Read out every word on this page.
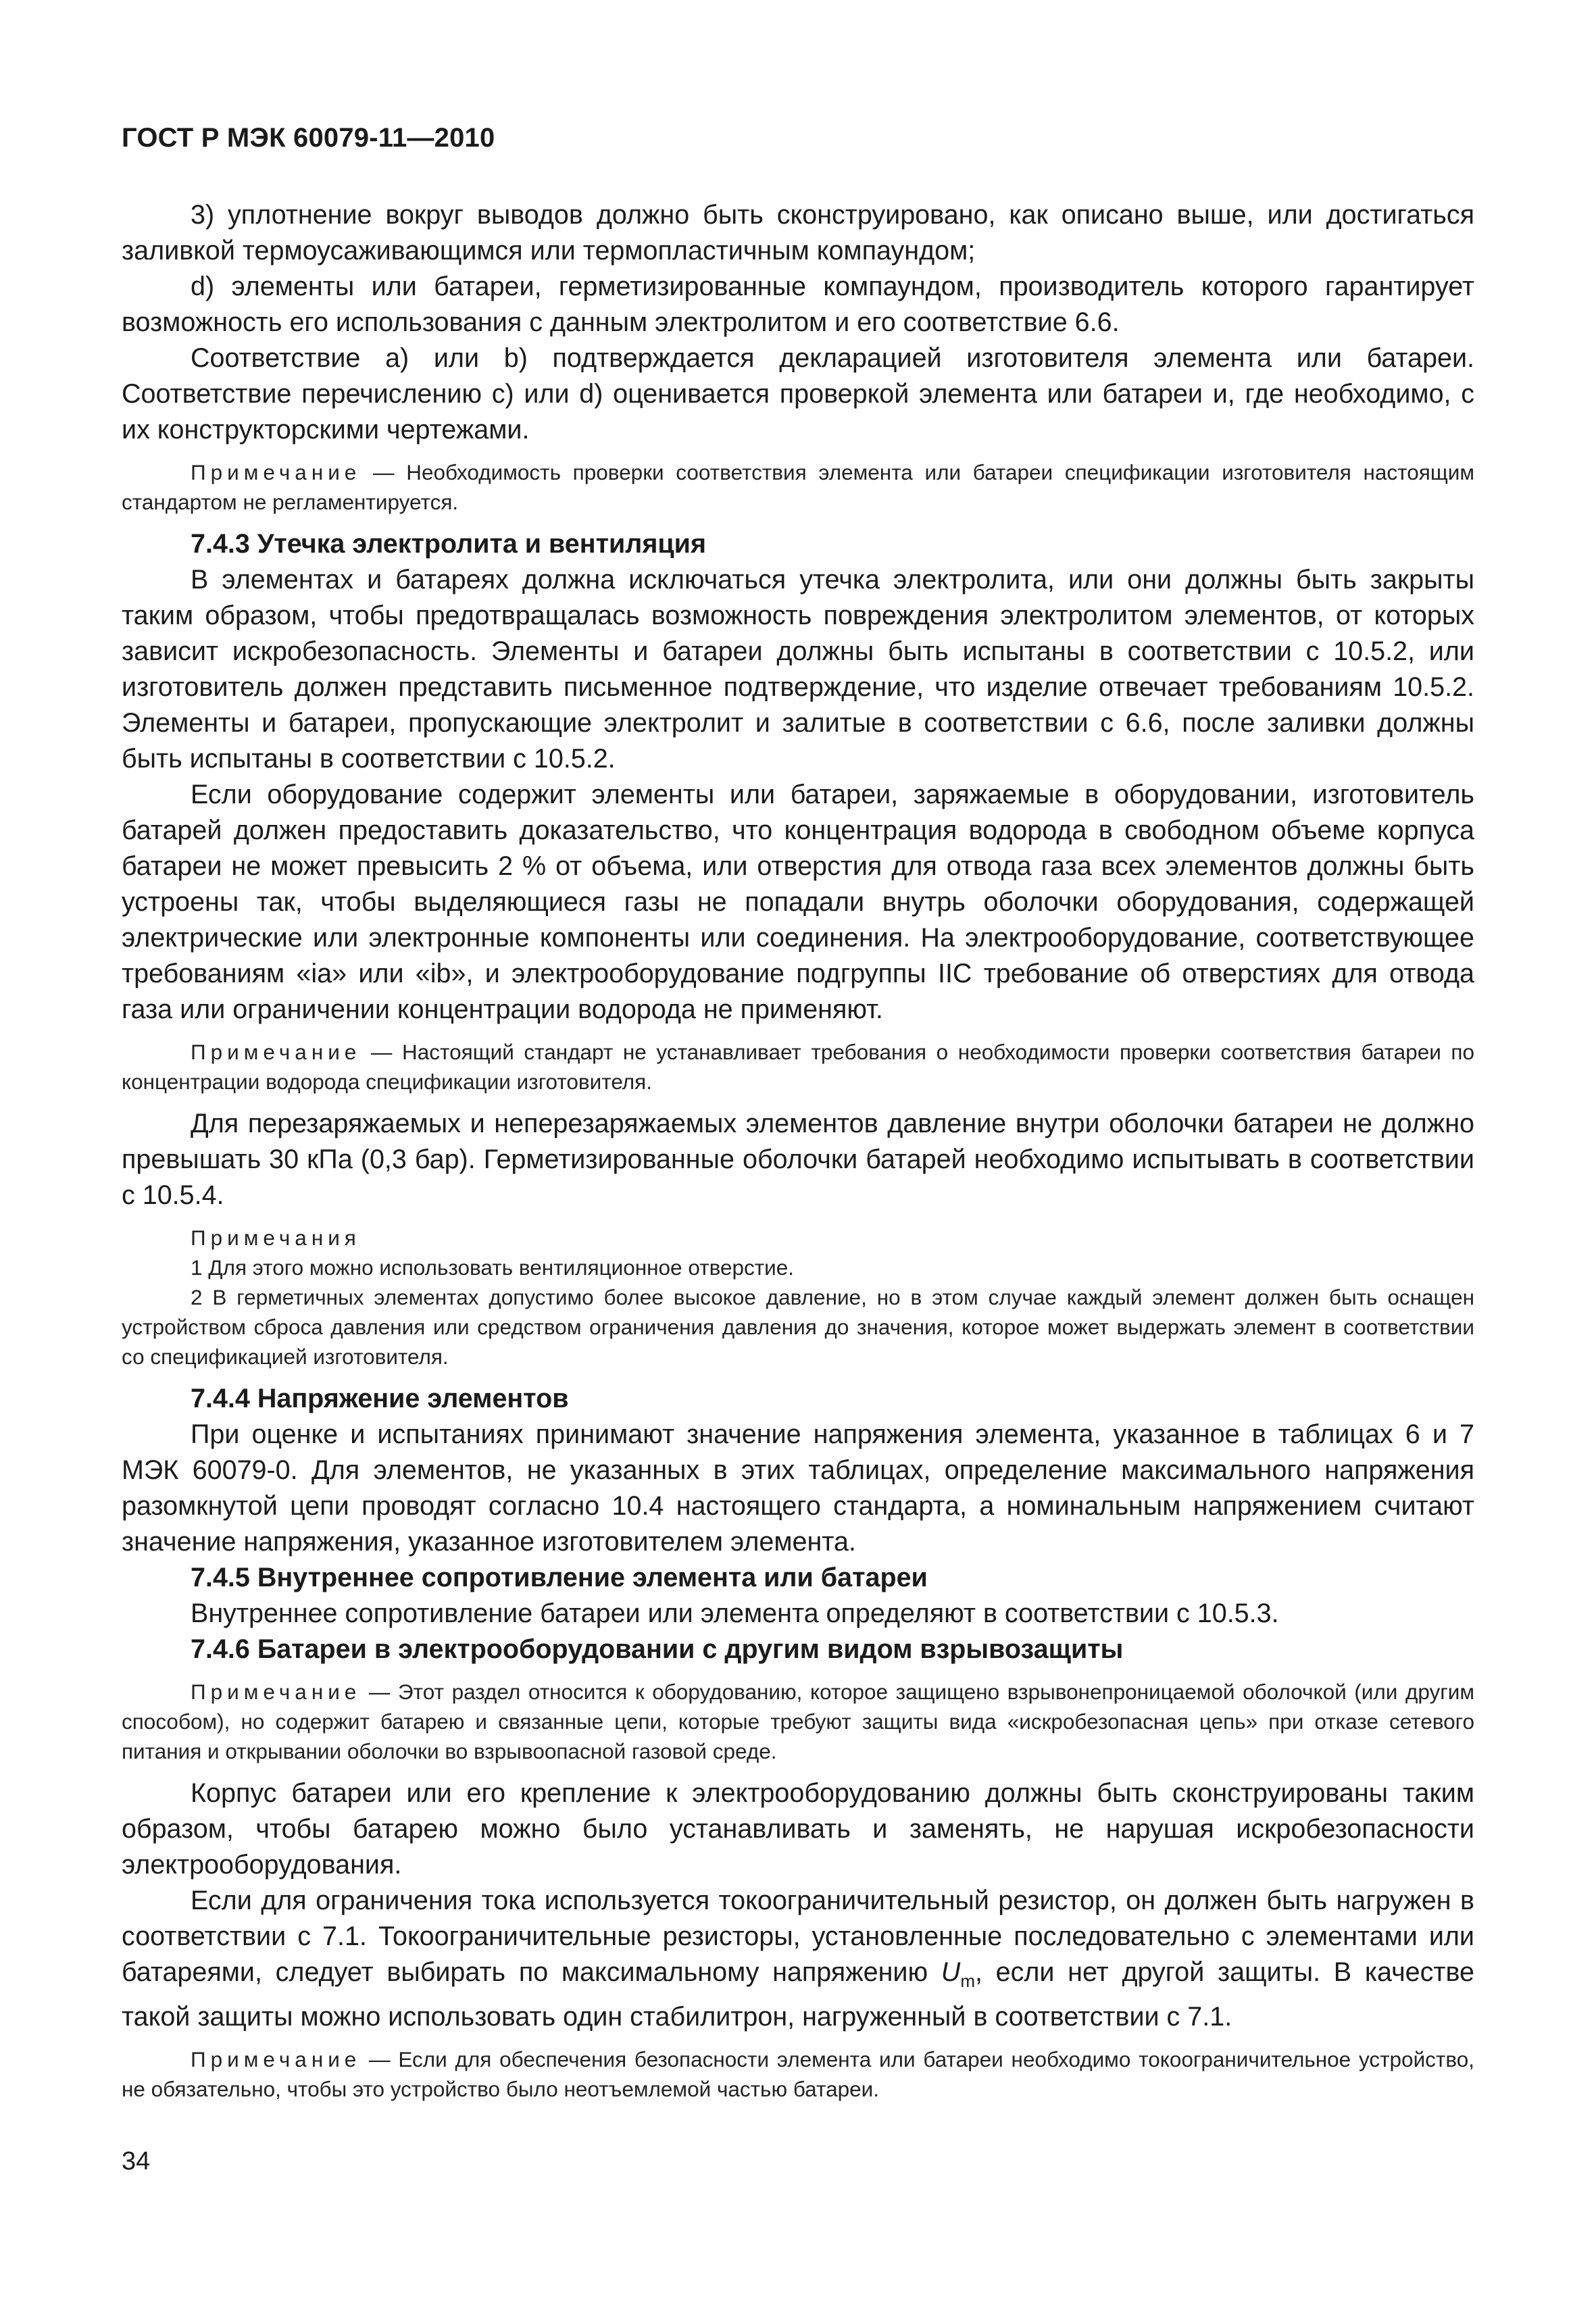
ГОСТ Р МЭК 60079-11—2010

3) уплотнение вокруг выводов должно быть сконструировано, как описано выше, или достигаться заливкой термоусаживающимся или термопластичным компаундом;

d) элементы или батареи, герметизированные компаундом, производитель которого гарантирует возможность его использования с данным электролитом и его соответствие 6.6.

Соответствие a) или b) подтверждается декларацией изготовителя элемента или батареи. Соответствие перечислению c) или d) оценивается проверкой элемента или батареи и, где необходимо, с их конструкторскими чертежами.

Примечание — Необходимость проверки соответствия элемента или батареи спецификации изготовителя настоящим стандартом не регламентируется.

7.4.3 Утечка электролита и вентиляция

В элементах и батареях должна исключаться утечка электролита, или они должны быть закрыты таким образом, чтобы предотвращалась возможность повреждения электролитом элементов, от которых зависит искробезопасность. Элементы и батареи должны быть испытаны в соответствии с 10.5.2, или изготовитель должен представить письменное подтверждение, что изделие отвечает требованиям 10.5.2. Элементы и батареи, пропускающие электролит и залитые в соответствии с 6.6, после заливки должны быть испытаны в соответствии с 10.5.2.

Если оборудование содержит элементы или батареи, заряжаемые в оборудовании, изготовитель батарей должен предоставить доказательство, что концентрация водорода в свободном объеме корпуса батареи не может превысить 2 % от объема, или отверстия для отвода газа всех элементов должны быть устроены так, чтобы выделяющиеся газы не попадали внутрь оболочки оборудования, содержащей электрические или электронные компоненты или соединения. На электрооборудование, соответствующее требованиям «ia» или «ib», и электрооборудование подгруппы IIC требование об отверстиях для отвода газа или ограничении концентрации водорода не применяют.

Примечание — Настоящий стандарт не устанавливает требования о необходимости проверки соответствия батареи по концентрации водорода спецификации изготовителя.

Для перезаряжаемых и неперезаряжаемых элементов давление внутри оболочки батареи не должно превышать 30 кПа (0,3 бар). Герметизированные оболочки батарей необходимо испытывать в соответствии с 10.5.4.

Примечания

1 Для этого можно использовать вентиляционное отверстие.

2 В герметичных элементах допустимо более высокое давление, но в этом случае каждый элемент должен быть оснащен устройством сброса давления или средством ограничения давления до значения, которое может выдержать элемент в соответствии со спецификацией изготовителя.

7.4.4 Напряжение элементов

При оценке и испытаниях принимают значение напряжения элемента, указанное в таблицах 6 и 7 МЭК 60079-0. Для элементов, не указанных в этих таблицах, определение максимального напряжения разомкнутой цепи проводят согласно 10.4 настоящего стандарта, а номинальным напряжением считают значение напряжения, указанное изготовителем элемента.

7.4.5 Внутреннее сопротивление элемента или батареи

Внутреннее сопротивление батареи или элемента определяют в соответствии с 10.5.3.

7.4.6 Батареи в электрооборудовании с другим видом взрывозащиты

Примечание — Этот раздел относится к оборудованию, которое защищено взрывонепроницаемой оболочкой (или другим способом), но содержит батарею и связанные цепи, которые требуют защиты вида «искробезопасная цепь» при отказе сетевого питания и открывании оболочки во взрывоопасной газовой среде.

Корпус батареи или его крепление к электрооборудованию должны быть сконструированы таким образом, чтобы батарею можно было устанавливать и заменять, не нарушая искробезопасности электрооборудования.

Если для ограничения тока используется токоограничительный резистор, он должен быть нагружен в соответствии с 7.1. Токоограничительные резисторы, установленные последовательно с элементами или батареями, следует выбирать по максимальному напряжению $U_m$, если нет другой защиты. В качестве такой защиты можно использовать один стабилитрон, нагруженный в соответствии с 7.1.

Примечание — Если для обеспечения безопасности элемента или батареи необходимо токоограничительное устройство, не обязательно, чтобы это устройство было неотъемлемой частью батареи.

34
